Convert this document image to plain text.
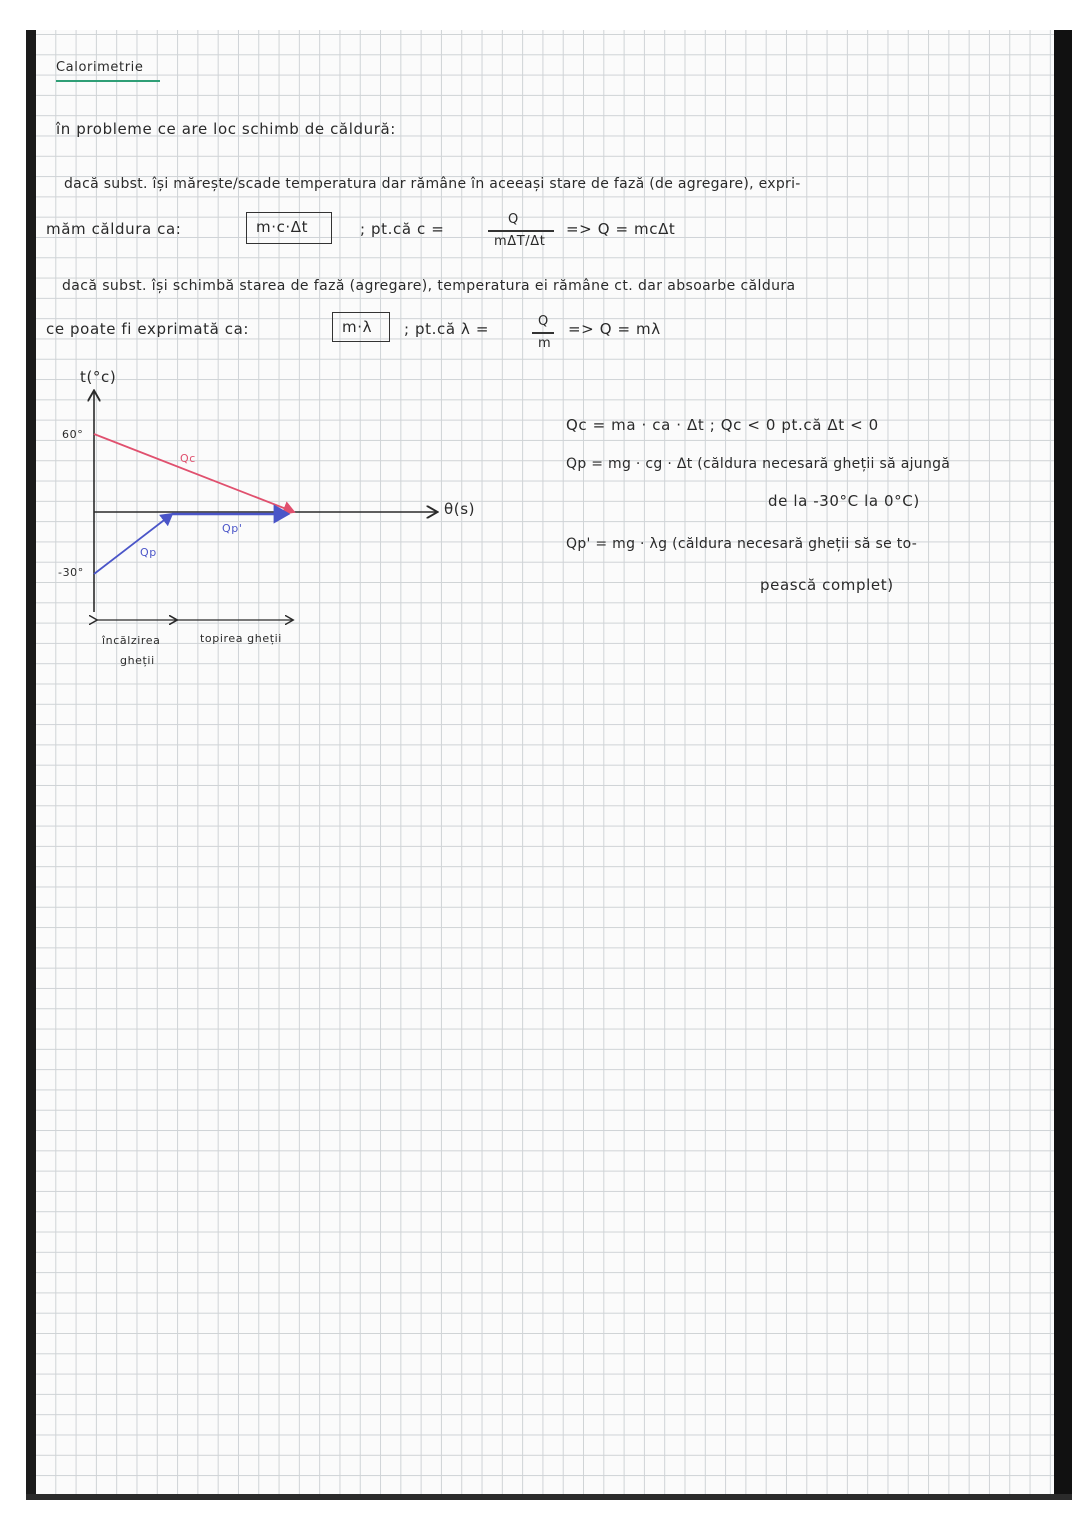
Calorimetrie
în probleme ce are loc schimb de căldură:
dacă subst. își mărește/scade temperatura dar rămâne în aceeași stare de fază (de agregare), expri-
măm căldura ca:	m·c·Δt	; pt.că c =
Q
mΔT/Δt
=> Q = mcΔt
dacă subst. își schimbă starea de fază (agregare), temperatura ei rămâne ct. dar absoarbe căldura
ce poate fi exprimată ca:	m·λ ; pt.că λ =	Q
m
=> Q = mλ
t(°c)
θ(s)
60°
-30°
Qc
Qp
Qp'
încălzirea
gheții
topirea gheții
Qc = ma · ca · Δt ; Qc < 0 pt.că Δt < 0
Qp = mg · cg · Δt (căldura necesară gheții să ajungă
de la -30°C la 0°C)
Qp' = mg · λg (căldura necesară gheții să se to-
pească complet)
